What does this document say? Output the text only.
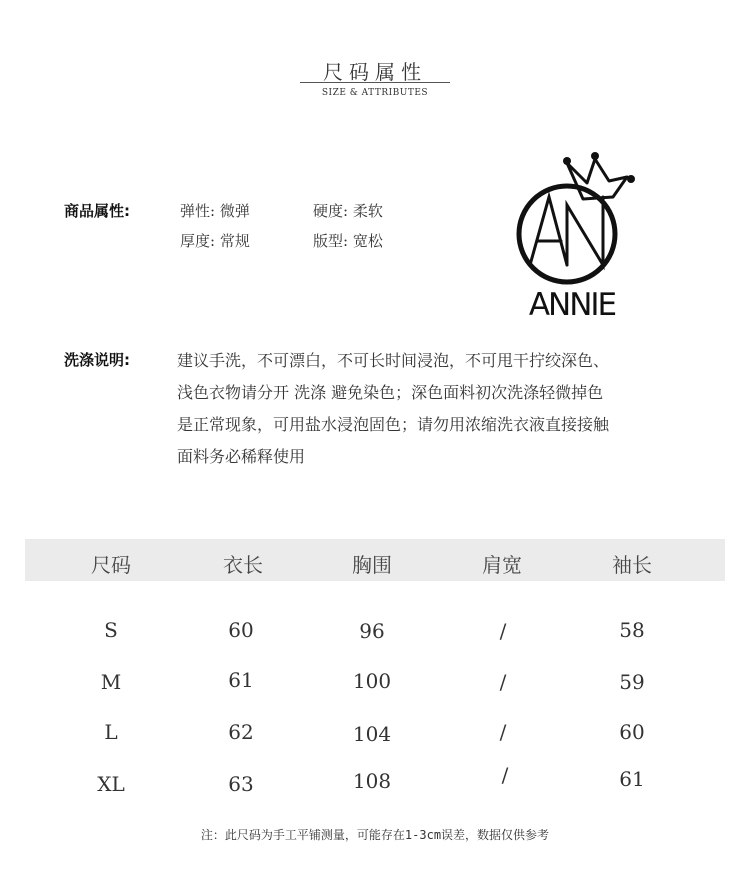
尺码属性
SIZE & ATTRIBUTES
商品属性:	弹性: 微弹	硬度: 柔软
厚度: 常规	版型: 宽松
洗涤说明:	建议手洗，不可漂白，不可长时间浸泡，不可甩干拧绞深色、
浅色衣物请分开 洗涤 避免染色；深色面料初次洗涤轻微掉色
是正常现象，可用盐水浸泡固色；请勿用浓缩洗衣液直接接触
面料务必稀释使用
ANNIE
尺码	衣长	胸围	肩宽	袖长
S	60	96	/	58
M	61	100	/	59
L	62	104	/	60
XL	63	108	/	61
注：此尺码为手工平铺测量，可能存在1-3cm误差，数据仅供参考
